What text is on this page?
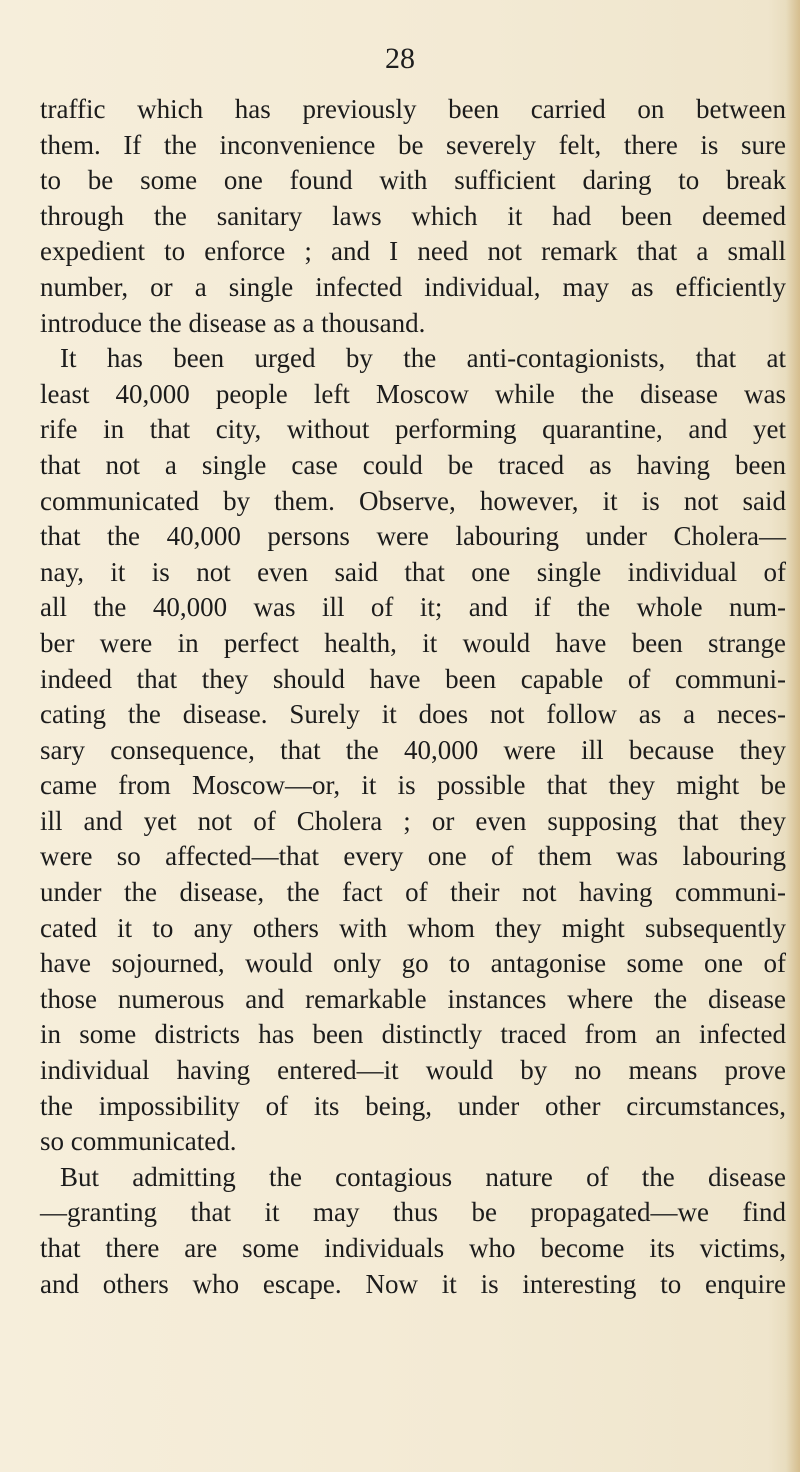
28
traffic which has previously been carried on between
them. If the inconvenience be severely felt, there is sure
to be some one found with sufficient daring to break
through the sanitary laws which it had been deemed
expedient to enforce ; and I need not remark that a small
number, or a single infected individual, may as efficiently
introduce the disease as a thousand.
It has been urged by the anti-contagionists, that at
least 40,000 people left Moscow while the disease was
rife in that city, without performing quarantine, and yet
that not a single case could be traced as having been
communicated by them. Observe, however, it is not said
that the 40,000 persons were labouring under Cholera—
nay, it is not even said that one single individual of
all the 40,000 was ill of it; and if the whole num-
ber were in perfect health, it would have been strange
indeed that they should have been capable of communi-
cating the disease. Surely it does not follow as a neces-
sary consequence, that the 40,000 were ill because they
came from Moscow—or, it is possible that they might be
ill and yet not of Cholera ; or even supposing that they
were so affected—that every one of them was labouring
under the disease, the fact of their not having communi-
cated it to any others with whom they might subsequently
have sojourned, would only go to antagonise some one of
those numerous and remarkable instances where the disease
in some districts has been distinctly traced from an infected
individual having entered—it would by no means prove
the impossibility of its being, under other circumstances,
so communicated.
But admitting the contagious nature of the disease
—granting that it may thus be propagated—we find
that there are some individuals who become its victims,
and others who escape. Now it is interesting to enquire
